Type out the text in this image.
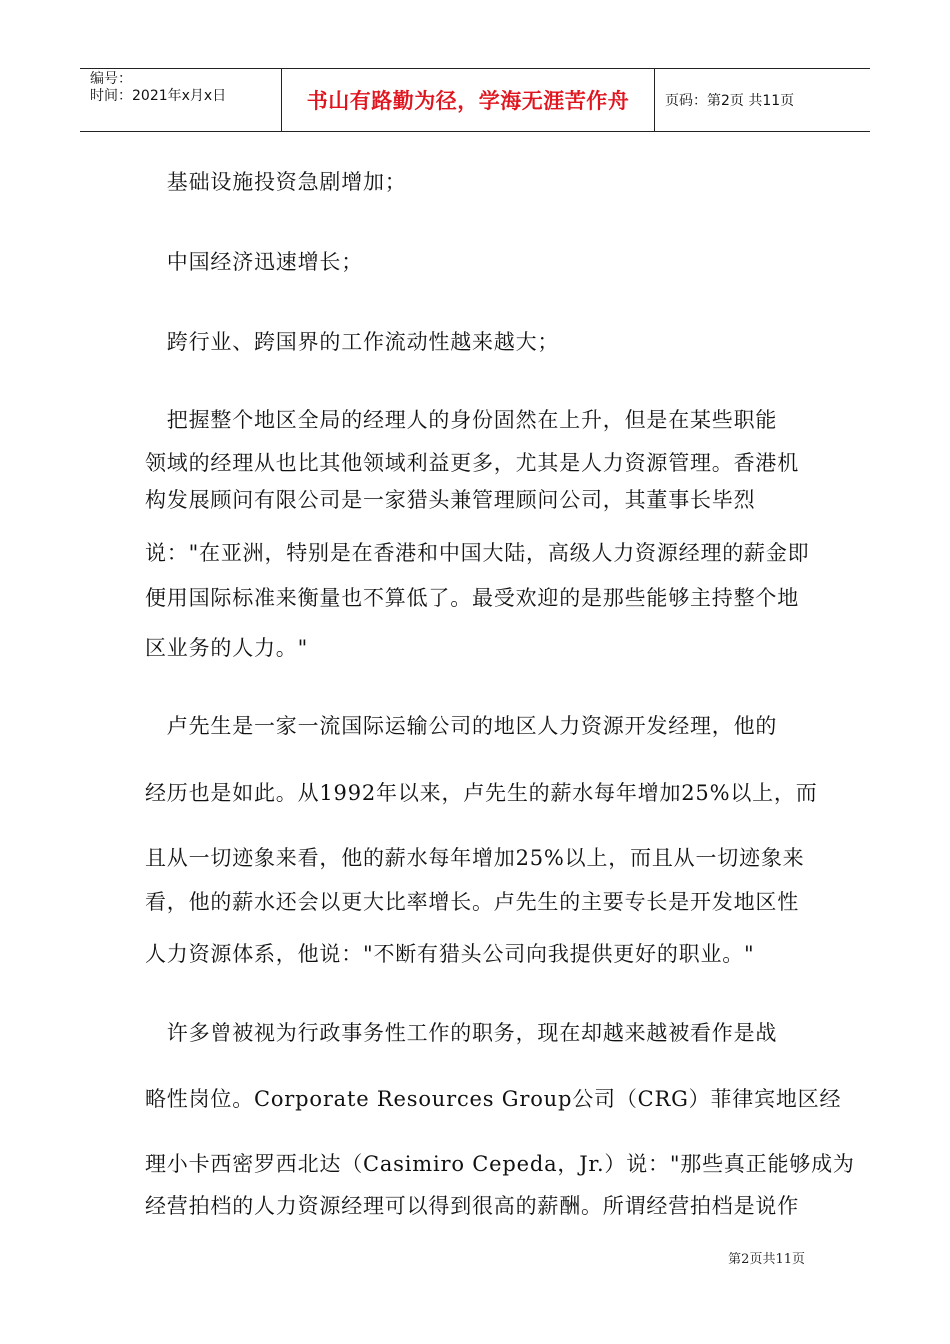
编号：
时间：2021年x月x日	书山有路勤为径，学海无涯苦作舟	页码：第2页 共11页
　基础设施投资急剧增加；
　中国经济迅速增长；
　跨行业、跨国界的工作流动性越来越大；
　把握整个地区全局的经理人的身份固然在上升，但是在某些职能
领域的经理从也比其他领域利益更多，尤其是人力资源管理。香港机
构发展顾问有限公司是一家猎头兼管理顾问公司，其董事长毕烈
说："在亚洲，特别是在香港和中国大陆，高级人力资源经理的薪金即
便用国际标准来衡量也不算低了。最受欢迎的是那些能够主持整个地
区业务的人力。"
　卢先生是一家一流国际运输公司的地区人力资源开发经理，他的
经历也是如此。从1992年以来，卢先生的薪水每年增加25%以上，而
且从一切迹象来看，他的薪水每年增加25%以上，而且从一切迹象来
看，他的薪水还会以更大比率增长。卢先生的主要专长是开发地区性
人力资源体系，他说："不断有猎头公司向我提供更好的职业。"
　许多曾被视为行政事务性工作的职务，现在却越来越被看作是战
略性岗位。Corporate Resources Group公司（CRG）菲律宾地区经
理小卡西密罗西北达（Casimiro Cepeda，Jr.）说："那些真正能够成为
经营拍档的人力资源经理可以得到很高的薪酬。所谓经营拍档是说作
第2页共11页
